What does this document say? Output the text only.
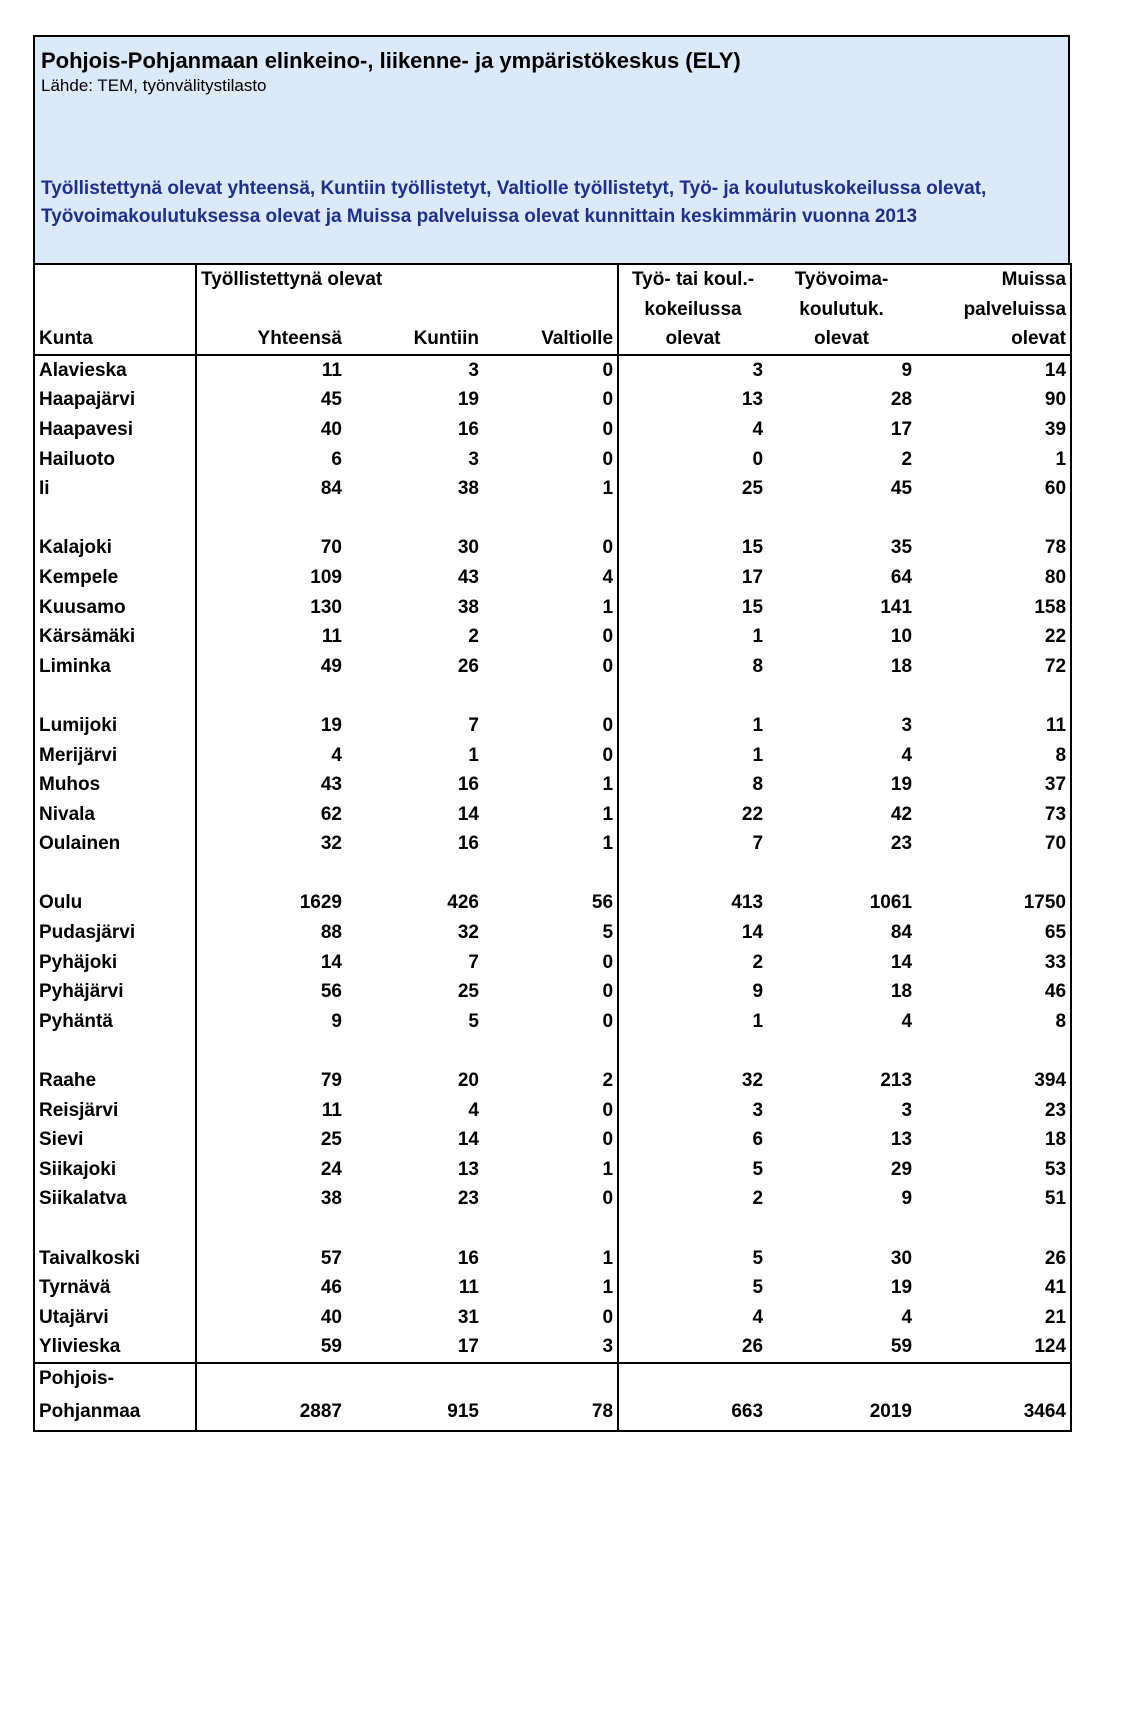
Pohjois-Pohjanmaan elinkeino-, liikenne- ja ympäristökeskus (ELY)
Lähde: TEM, työnvälitystilasto
Työllistettynä olevat yhteensä, Kuntiin työllistetyt, Valtiolle työllistetyt, Työ- ja koulutuskokeilussa olevat, Työvoimakoulutuksessa olevat ja Muissa palveluissa olevat kunnittain keskimmärin vuonna 2013
	Työllistettynä olevat			Työ- tai koul.-	Työvoima-	Muissa
				kokeilussa	koulutuk.	palveluissa
Kunta	Yhteensä	Kuntiin	Valtiolle	olevat	olevat	olevat
Alavieska	11	3	0	3	9	14
Haapajärvi	45	19	0	13	28	90
Haapavesi	40	16	0	4	17	39
Hailuoto	6	3	0	0	2	1
Ii	84	38	1	25	45	60

Kalajoki	70	30	0	15	35	78
Kempele	109	43	4	17	64	80
Kuusamo	130	38	1	15	141	158
Kärsämäki	11	2	0	1	10	22
Liminka	49	26	0	8	18	72

Lumijoki	19	7	0	1	3	11
Merijärvi	4	1	0	1	4	8
Muhos	43	16	1	8	19	37
Nivala	62	14	1	22	42	73
Oulainen	32	16	1	7	23	70

Oulu	1629	426	56	413	1061	1750
Pudasjärvi	88	32	5	14	84	65
Pyhäjoki	14	7	0	2	14	33
Pyhäjärvi	56	25	0	9	18	46
Pyhäntä	9	5	0	1	4	8

Raahe	79	20	2	32	213	394
Reisjärvi	11	4	0	3	3	23
Sievi	25	14	0	6	13	18
Siikajoki	24	13	1	5	29	53
Siikalatva	38	23	0	2	9	51

Taivalkoski	57	16	1	5	30	26
Tyrnävä	46	11	1	5	19	41
Utajärvi	40	31	0	4	4	21
Ylivieska	59	17	3	26	59	124
Pohjois-						
Pohjanmaa	2887	915	78	663	2019	3464
